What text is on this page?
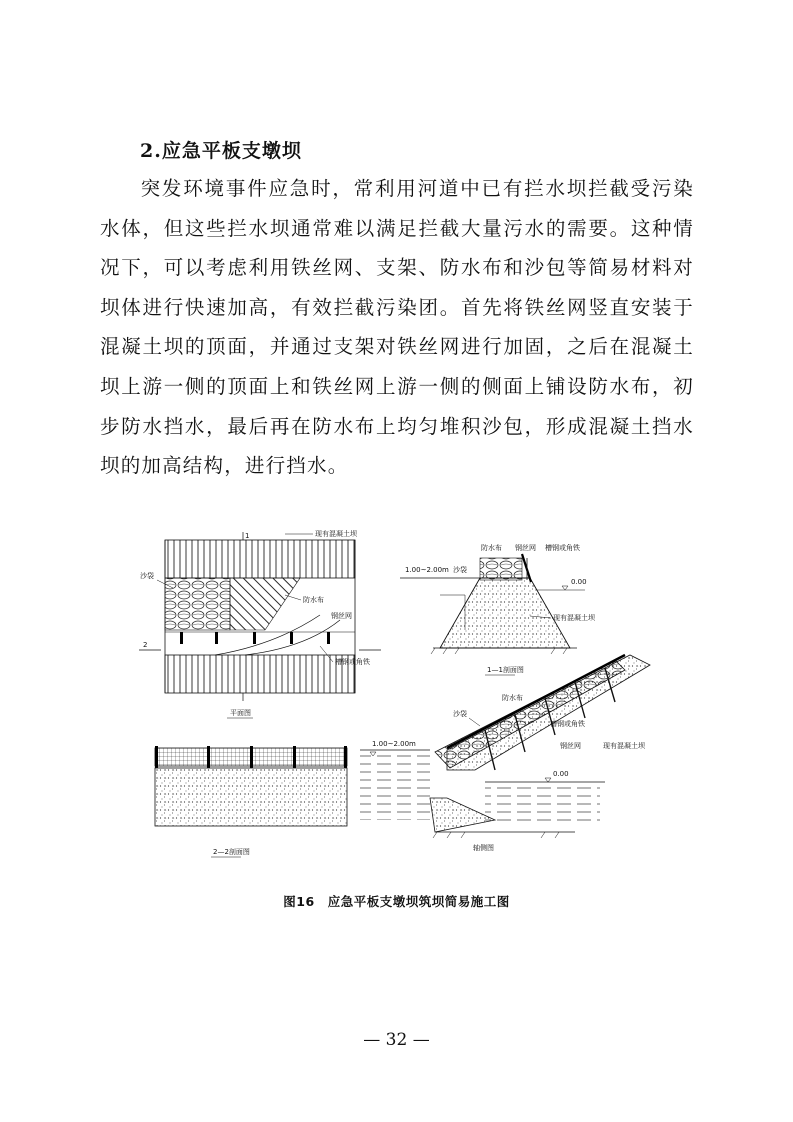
2.应急平板支墩坝

突发环境事件应急时，常利用河道中已有拦水坝拦截受污染水体，但这些拦水坝通常难以满足拦截大量污水的需要。这种情况下，可以考虑利用铁丝网、支架、防水布和沙包等简易材料对坝体进行快速加高，有效拦截污染团。首先将铁丝网竖直安装于混凝土坝的顶面，并通过支架对铁丝网进行加固，之后在混凝土坝上游一侧的顶面上和铁丝网上游一侧的侧面上铺设防水布，初步防水挡水，最后再在防水布上均匀堆积沙包，形成混凝土挡水坝的加高结构，进行挡水。

1
2
现有混凝土坝
沙袋
防水布
钢丝网
槽钢或角铁
平面图
1.00~2.00m 沙袋
防水布 钢丝网 槽钢或角铁
0.00
现有混凝土坝
1—1剖面图
2—2剖面图
1.00~2.00m
沙袋
防水布
槽钢或角铁
钢丝网	现有混凝土坝
0.00
轴侧图
图16　应急平板支墩坝筑坝简易施工图
— 32 —
